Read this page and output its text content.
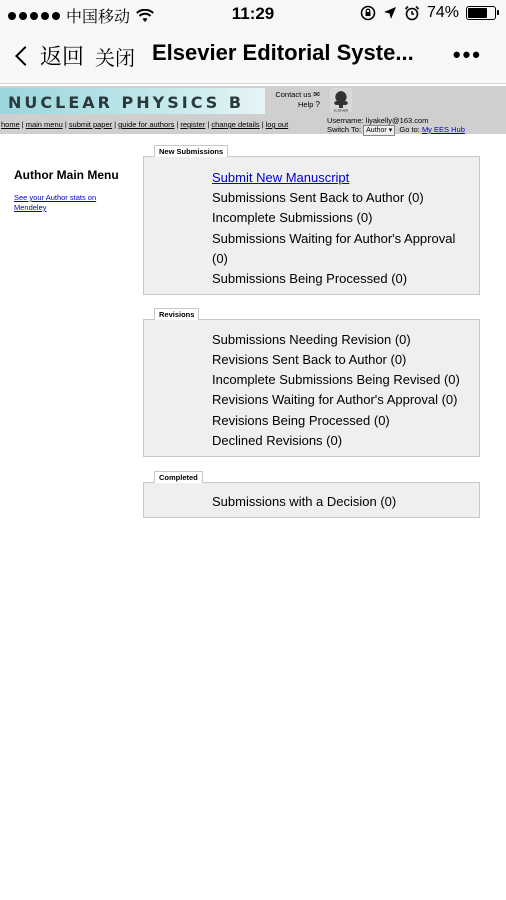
中国移动	11:29	74%
返回 关闭 Elsevier Editorial Syste...	•••
NUCLEAR PHYSICS B	Contact us ✉
Help ?
ELSEVIER
home | main menu | submit paper | guide for authors | register | change details | log out	Username: liyakelly@163.com
Switch To: Author ▾ Go to: My EES Hub
Author Main Menu
See your Author stats on Mendeley
New Submissions
Submit New Manuscript
Submissions Sent Back to Author (0)
Incomplete Submissions (0)
Submissions Waiting for Author's Approval
(0)
Submissions Being Processed (0)
Revisions
Submissions Needing Revision (0)
Revisions Sent Back to Author (0)
Incomplete Submissions Being Revised (0)
Revisions Waiting for Author's Approval (0)
Revisions Being Processed (0)
Declined Revisions (0)
Completed
Submissions with a Decision (0)
